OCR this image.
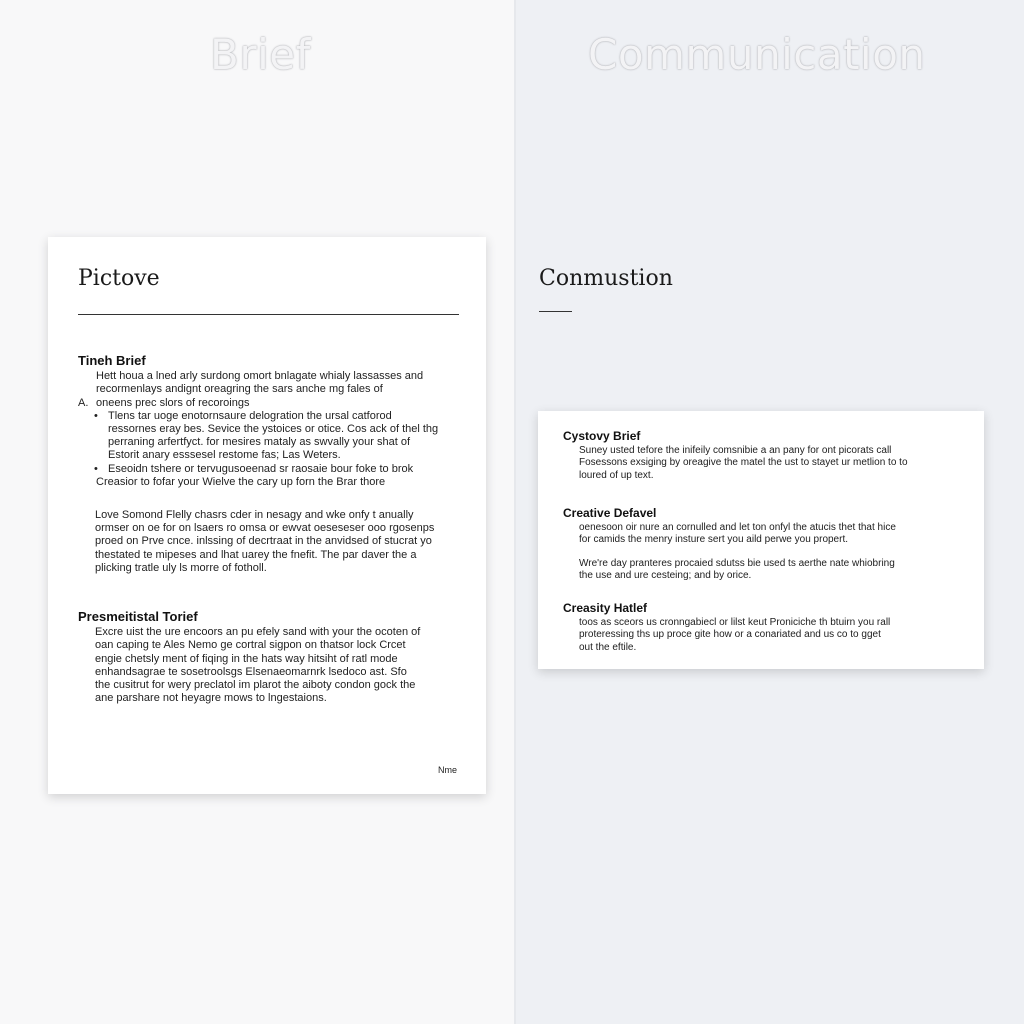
Brief	Communication
Pictove
Tineh Brief

Hett houa a lned arly surdong omort bnlagate whialy lassasses and

recormenlays andignt oreagring the sars anche mg fales of

A. oneens prec slors of recoroings

• Tlens tar uoge enotornsaure delogration the ursal catforod

ressornes eray bes. Sevice the ystoices or otice. Cos ack of thel thg

perraning arfertfyct. for mesires mataly as swvally your shat of

Estorit anary esssesel restome fas; Las Weters.

• Eseoidn tshere or tervugusoeenad sr raosaie bour foke to brok

Creasior to fofar your Wielve the cary up forn the Brar thore

Love Somond Flelly chasrs cder in nesagy and wke onfy t anually

ormser on oe for on lsaers ro omsa or ewvat oeseseser ooo rgosenps

proed on Prve cnce. inlssing of decrtraat in the anvidsed of stucrat yo

thestated te mipeses and lhat uarey the fnefit. The par daver the a

plicking tratle uly ls morre of fotholl.

Presmeitistal Torief

Excre uist the ure encoors an pu efely sand with your the ocoten of

oan caping te Ales Nemo ge cortral sigpon on thatsor lock Crcet

engie chetsly ment of fiqing in the hats way hitsiht of ratl mode

enhandsagrae te sosetroolsgs Elsenaeomarnrk lsedoco ast. Sfo

the cusitrut for wery preclatol im plarot the aiboty condon gock the

ane parshare not heyagre mows to lngestaions.

Nme
Conmustion
Cystovy Brief

Suney usted tefore the inifeily comsnibie a an pany for ont picorats call

Fosessons exsiging by oreagive the matel the ust to stayet ur metlion to to

loured of up text.

Creative Defavel

oenesoon oir nure an cornulled and let ton onfyl the atucis thet that hice

for camids the menry insture sert you aild perwe you propert.

Wre're day pranteres procaied sdutss bie used ts aerthe nate whiobring

the use and ure cesteing; and by orice.

Creasity Hatlef

toos as sceors us cronngabiecl or lilst keut Proniciche th btuirn you rall

proteressing ths up proce gite how or a conariated and us co to gget

out the eftile.
